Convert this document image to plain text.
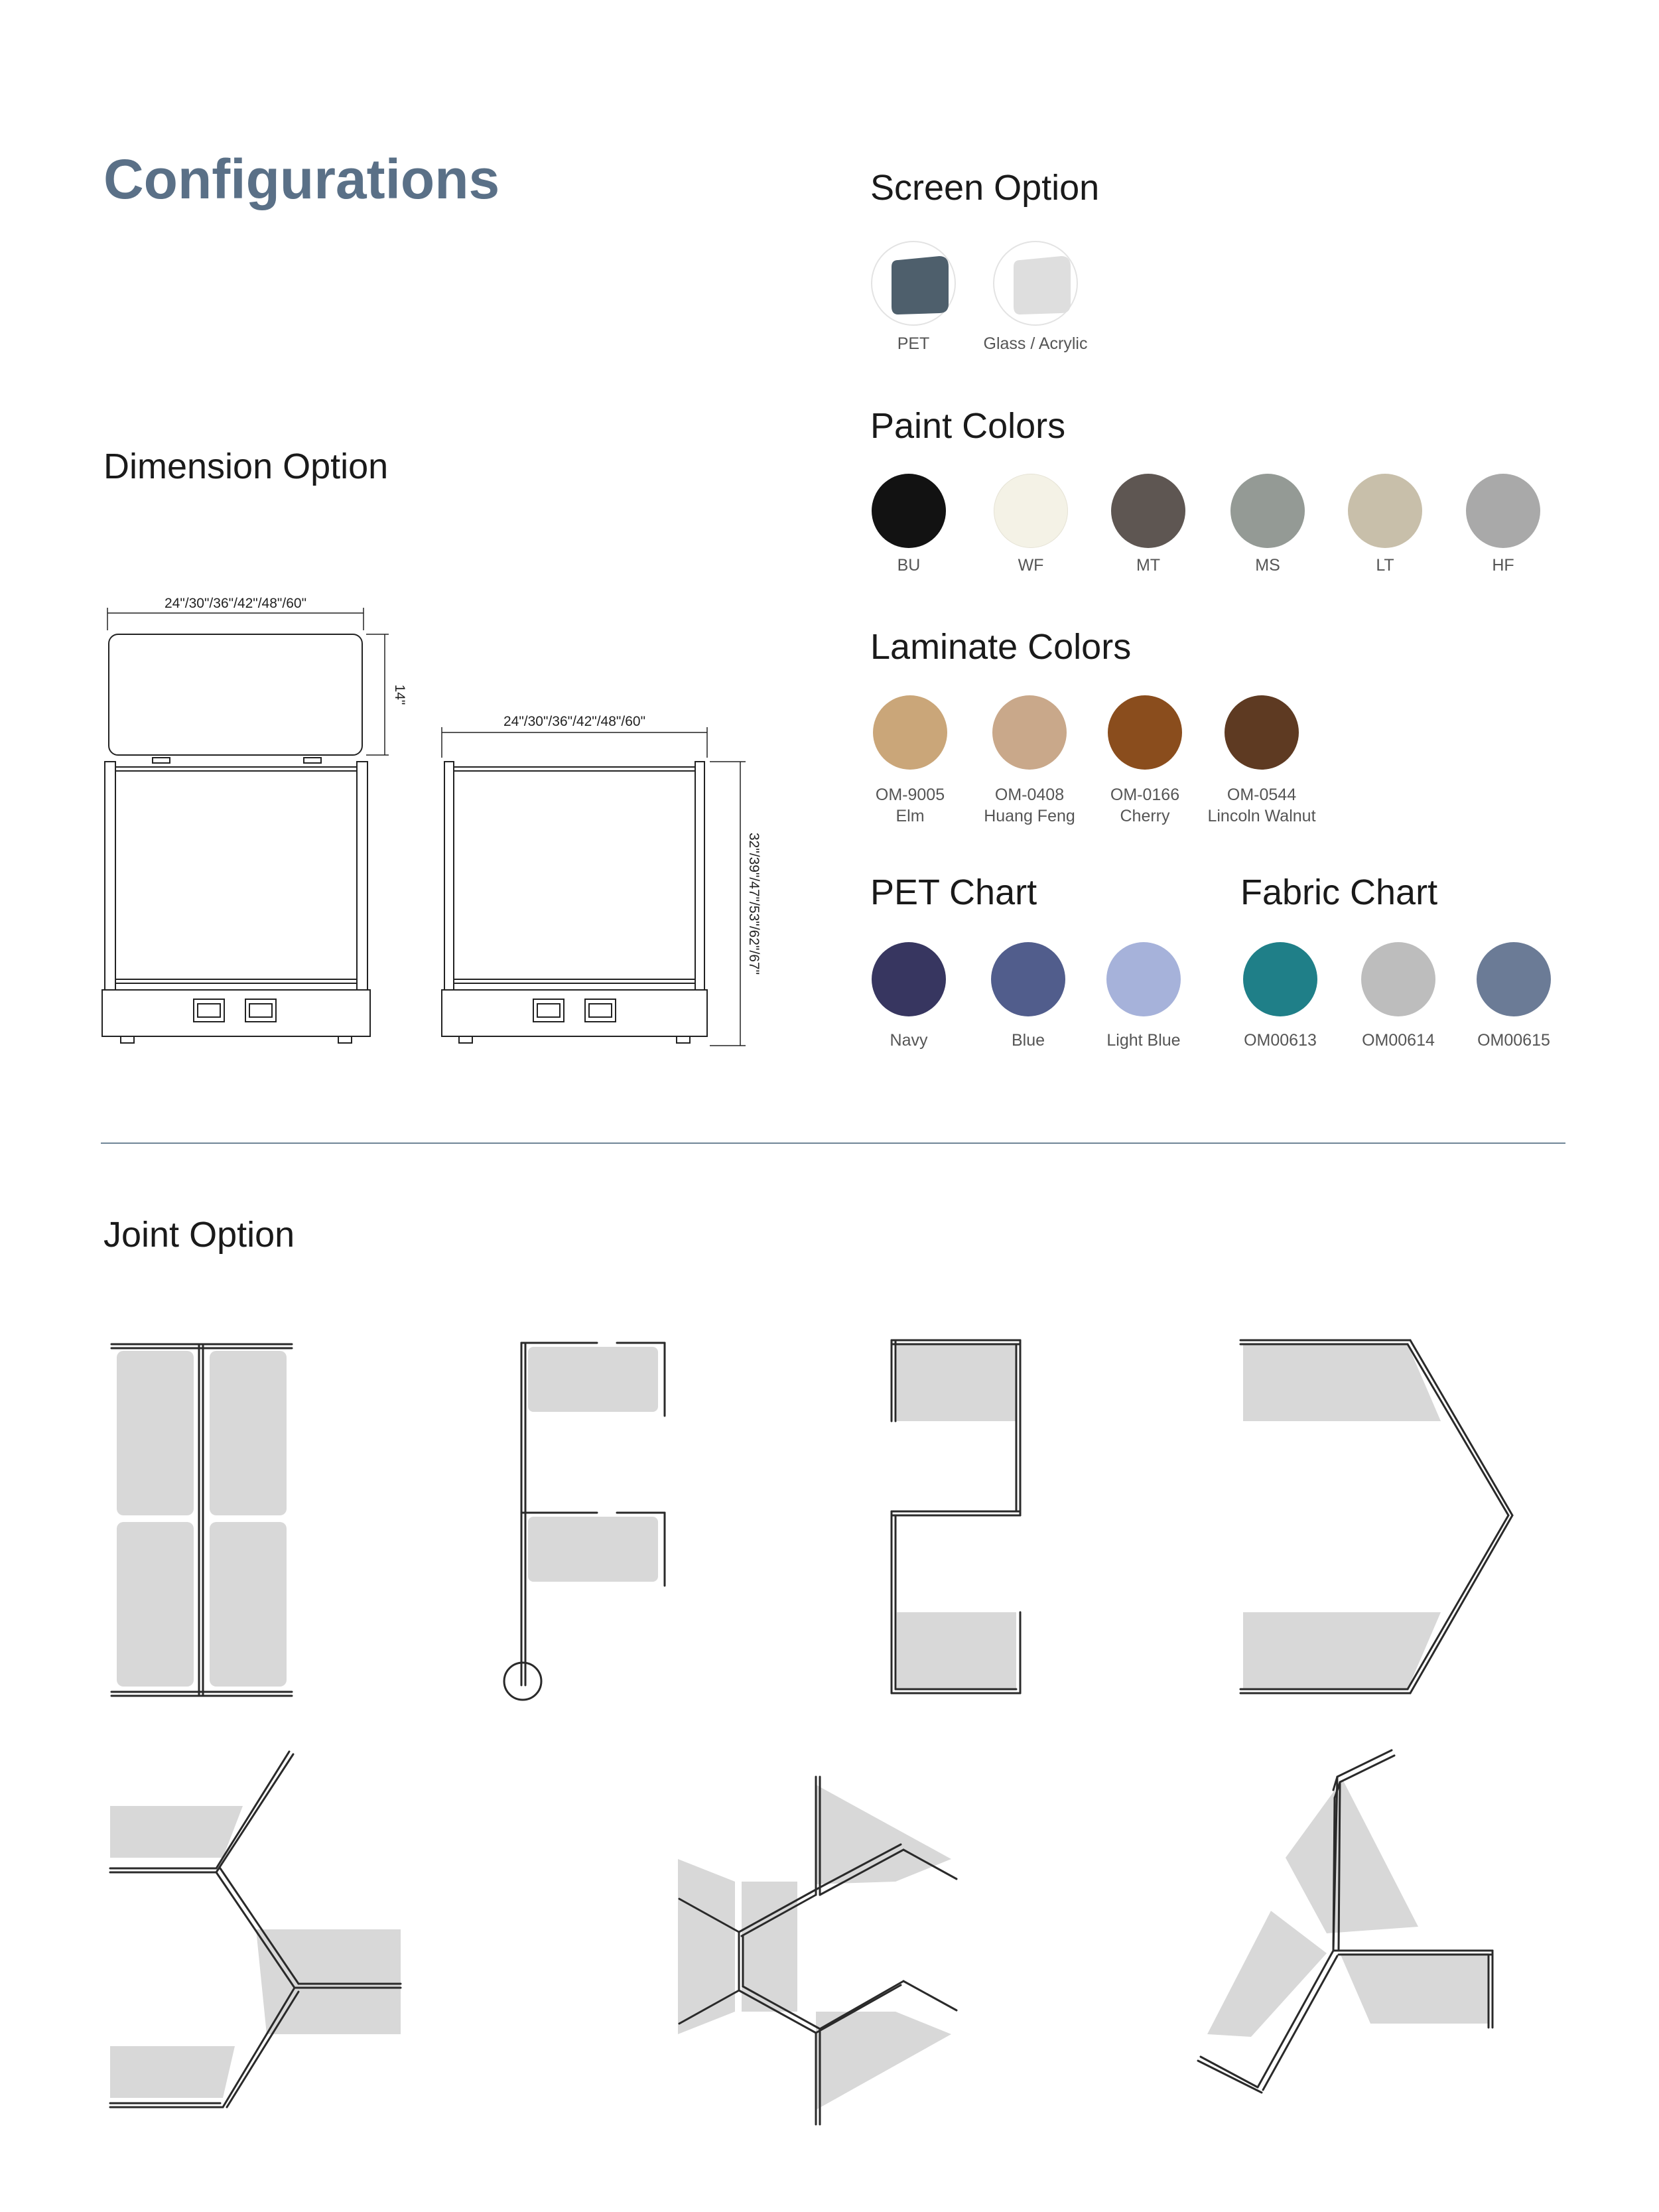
Configurations	Screen Option
PET	Glass / Acrylic
Paint Colors
BU	WF	MT	MS	LT	HF
Laminate Colors
OM-9005
Elm
OM-0408
Huang Feng
OM-0166
Cherry
OM-0544
Lincoln Walnut
PET Chart
Navy	Blue	Light Blue
Fabric Chart
OM00613	OM00614	OM00615
Dimension Option
24"/30"/36"/42"/48"/60"
14"
24"/30"/36"/42"/48"/60"
32"/39"/47"/53"/62"/67"
Joint Option
